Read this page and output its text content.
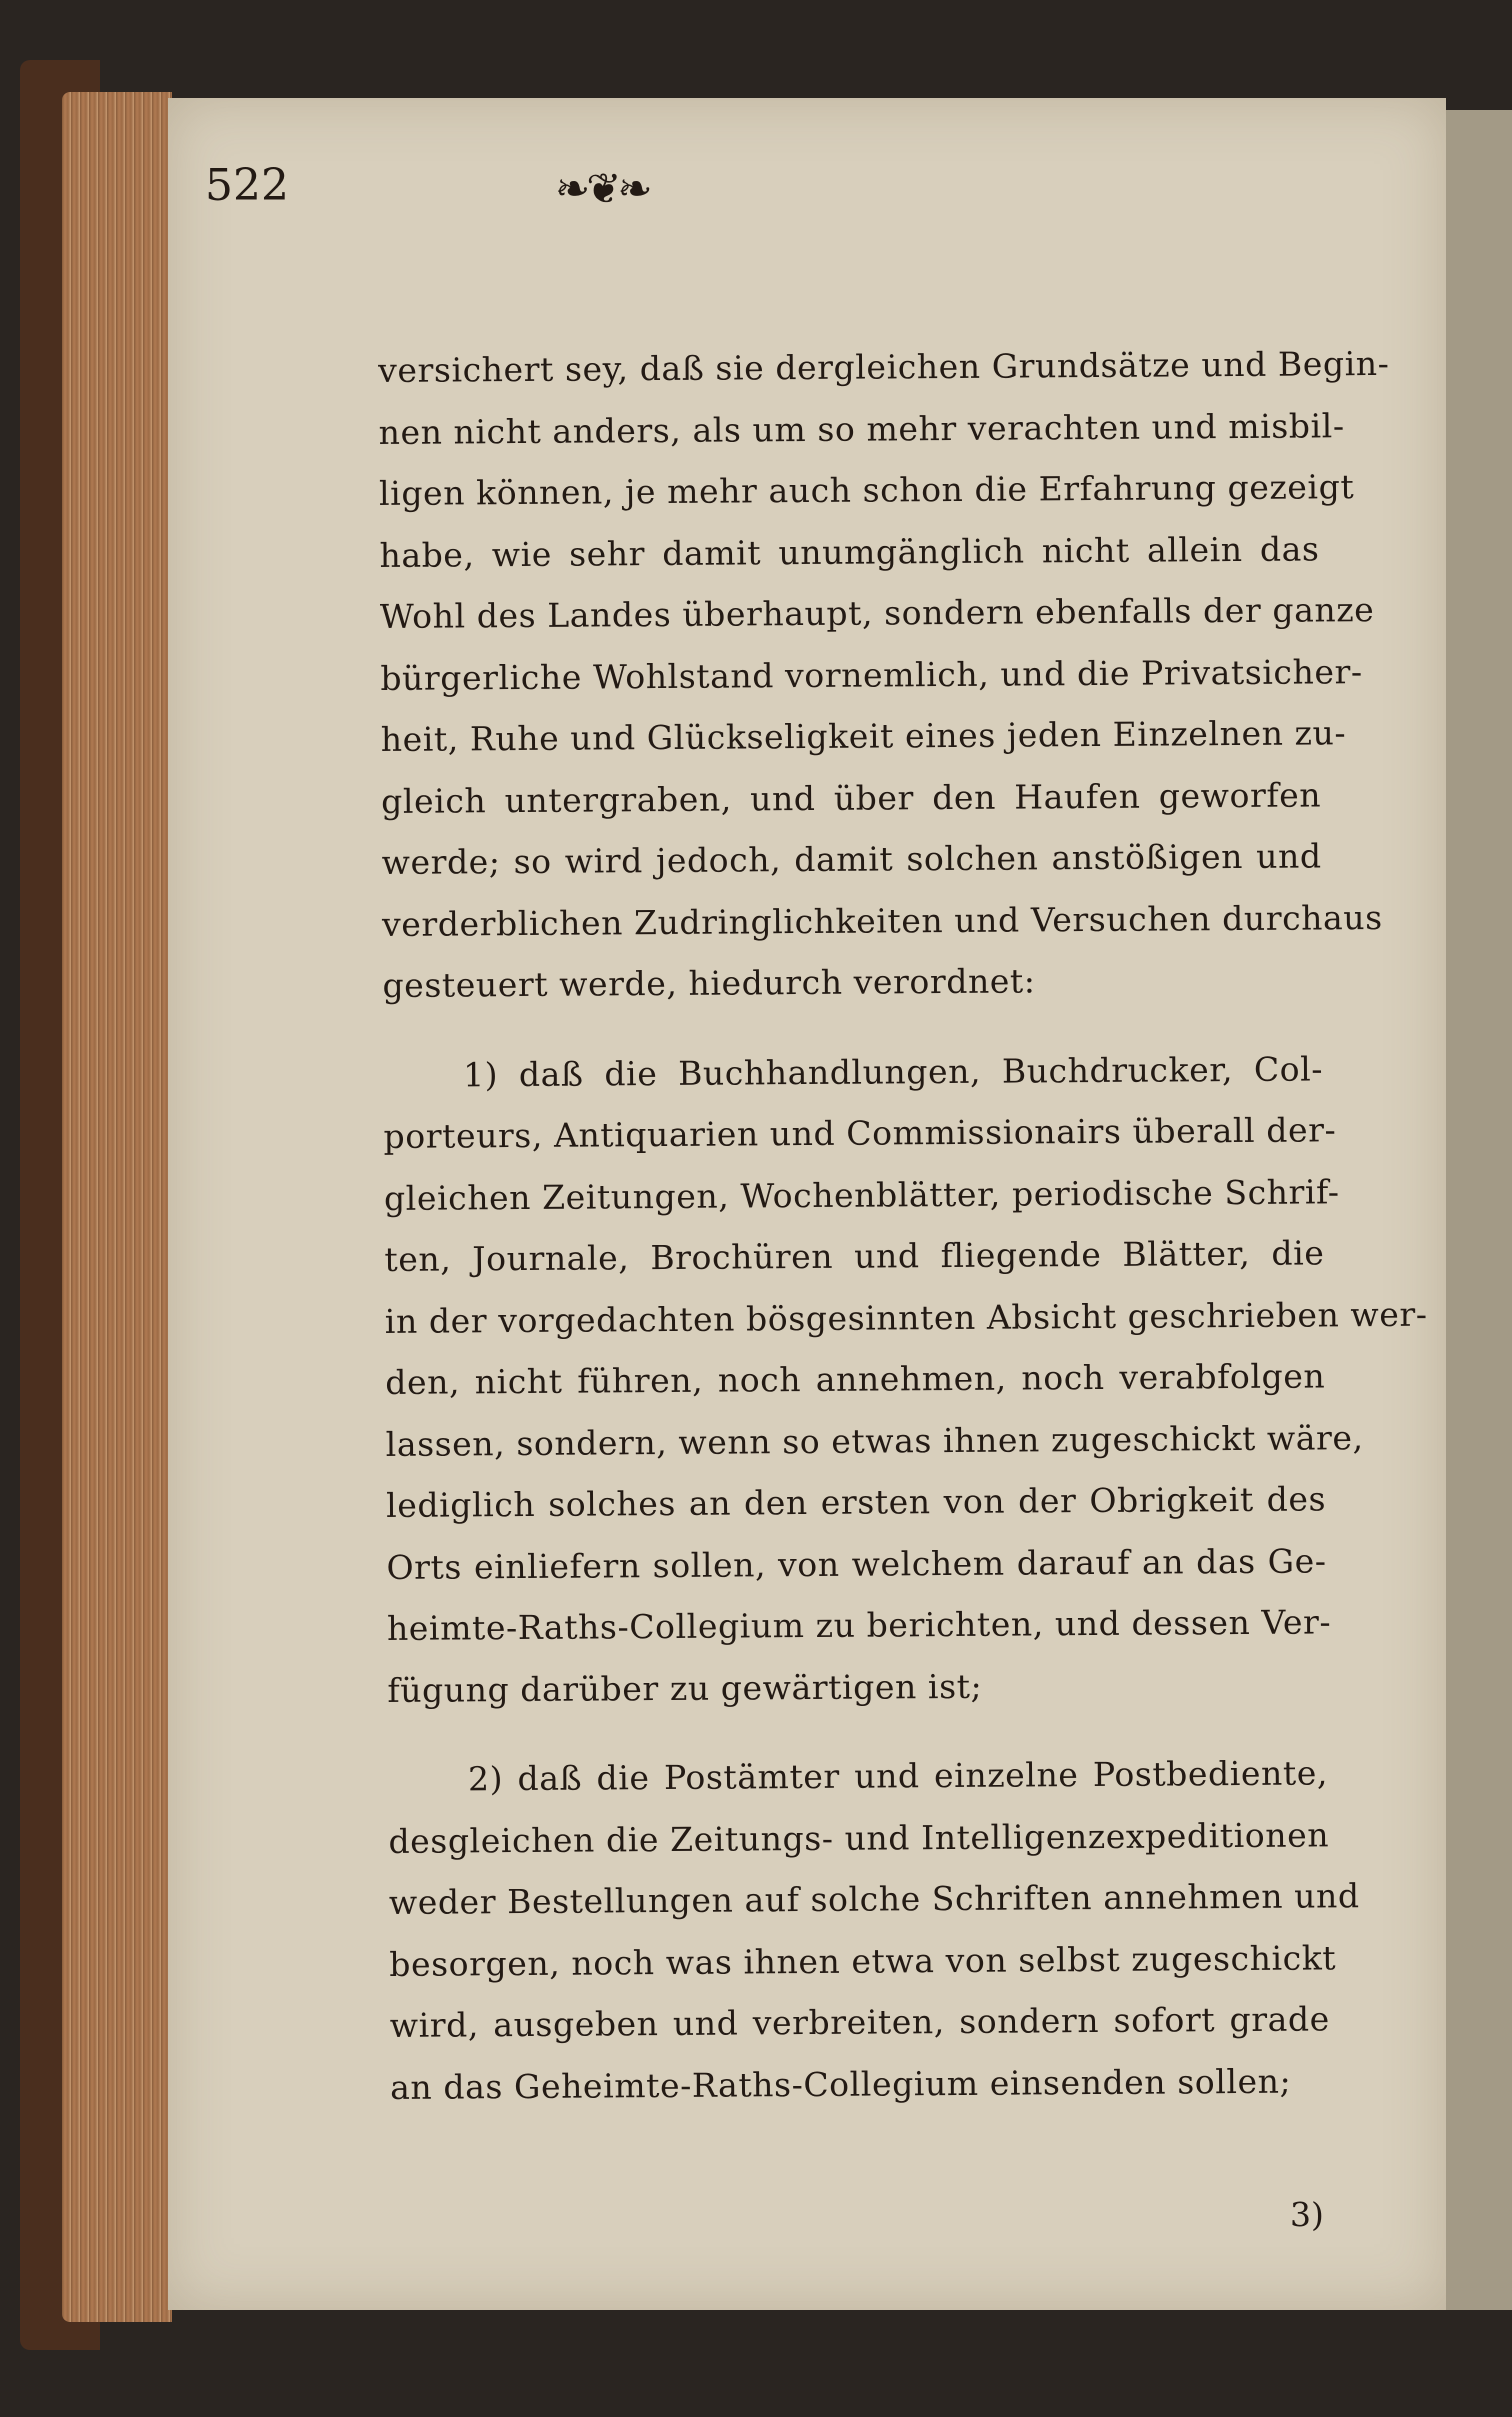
522	❧❦❧
versichert sey, daß sie dergleichen Grundsätze und Begin-
nen nicht anders, als um so mehr verachten und misbil-
ligen können, je mehr auch schon die Erfahrung gezeigt
habe, wie sehr damit unumgänglich nicht allein das
Wohl des Landes überhaupt, sondern ebenfalls der ganze
bürgerliche Wohlstand vornemlich, und die Privatsicher-
heit, Ruhe und Glückseligkeit eines jeden Einzelnen zu-
gleich untergraben, und über den Haufen geworfen
werde; so wird jedoch, damit solchen anstößigen und
verderblichen Zudringlichkeiten und Versuchen durchaus
gesteuert werde, hiedurch verordnet:
1) daß die Buchhandlungen, Buchdrucker, Col-
porteurs, Antiquarien und Commissionairs überall der-
gleichen Zeitungen, Wochenblätter, periodische Schrif-
ten, Journale, Brochüren und fliegende Blätter, die
in der vorgedachten bösgesinnten Absicht geschrieben wer-
den, nicht führen, noch annehmen, noch verabfolgen
lassen, sondern, wenn so etwas ihnen zugeschickt wäre,
lediglich solches an den ersten von der Obrigkeit des
Orts einliefern sollen, von welchem darauf an das Ge-
heimte-Raths-Collegium zu berichten, und dessen Ver-
fügung darüber zu gewärtigen ist;
2) daß die Postämter und einzelne Postbediente,
desgleichen die Zeitungs- und Intelligenzexpeditionen
weder Bestellungen auf solche Schriften annehmen und
besorgen, noch was ihnen etwa von selbst zugeschickt
wird, ausgeben und verbreiten, sondern sofort grade
an das Geheimte-Raths-Collegium einsenden sollen;
3)
